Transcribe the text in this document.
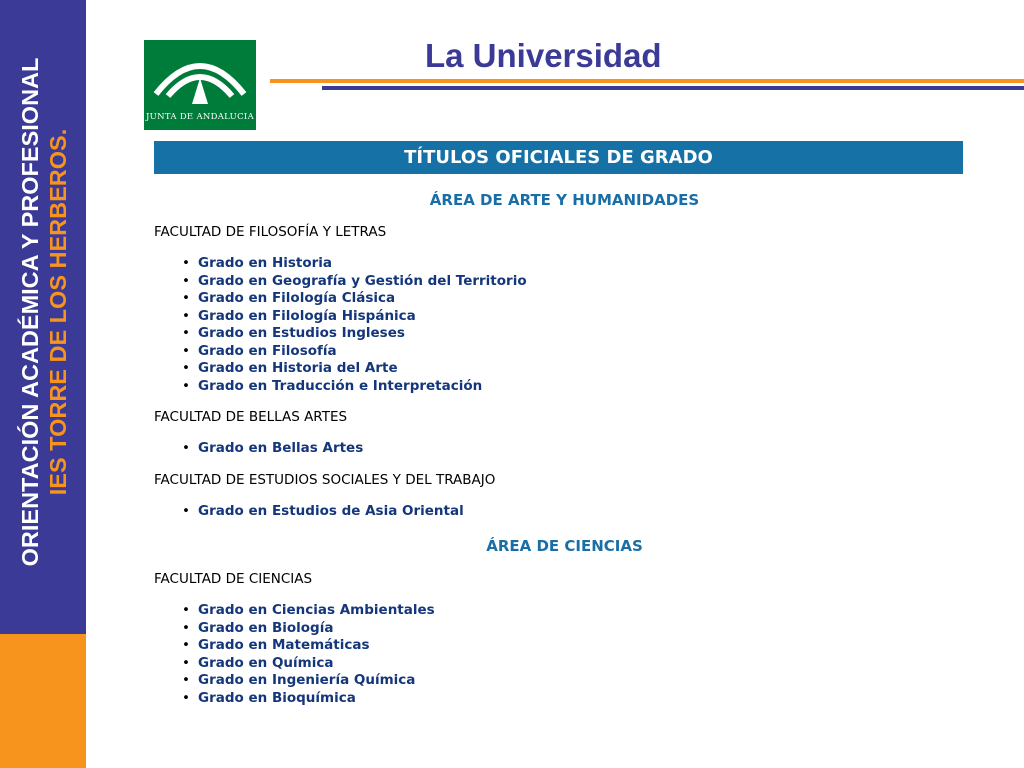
ORIENTACIÓN ACADÉMICA Y PROFESIONAL IES TORRE DE LOS HERBEROS.
JUNTA DE ANDALUCIA
La Universidad
TÍTULOS OFICIALES DE GRADO
ÁREA DE ARTE Y HUMANIDADES
FACULTAD DE FILOSOFÍA Y LETRAS
• Grado en Historia
• Grado en Geografía y Gestión del Territorio
• Grado en Filología Clásica
• Grado en Filología Hispánica
• Grado en Estudios Ingleses
• Grado en Filosofía
• Grado en Historia del Arte
• Grado en Traducción e Interpretación
FACULTAD DE BELLAS ARTES
• Grado en Bellas Artes
FACULTAD DE ESTUDIOS SOCIALES Y DEL TRABAJO
• Grado en Estudios de Asia Oriental
ÁREA DE CIENCIAS
FACULTAD DE CIENCIAS
• Grado en Ciencias Ambientales
• Grado en Biología
• Grado en Matemáticas
• Grado en Química
• Grado en Ingeniería Química
• Grado en Bioquímica
